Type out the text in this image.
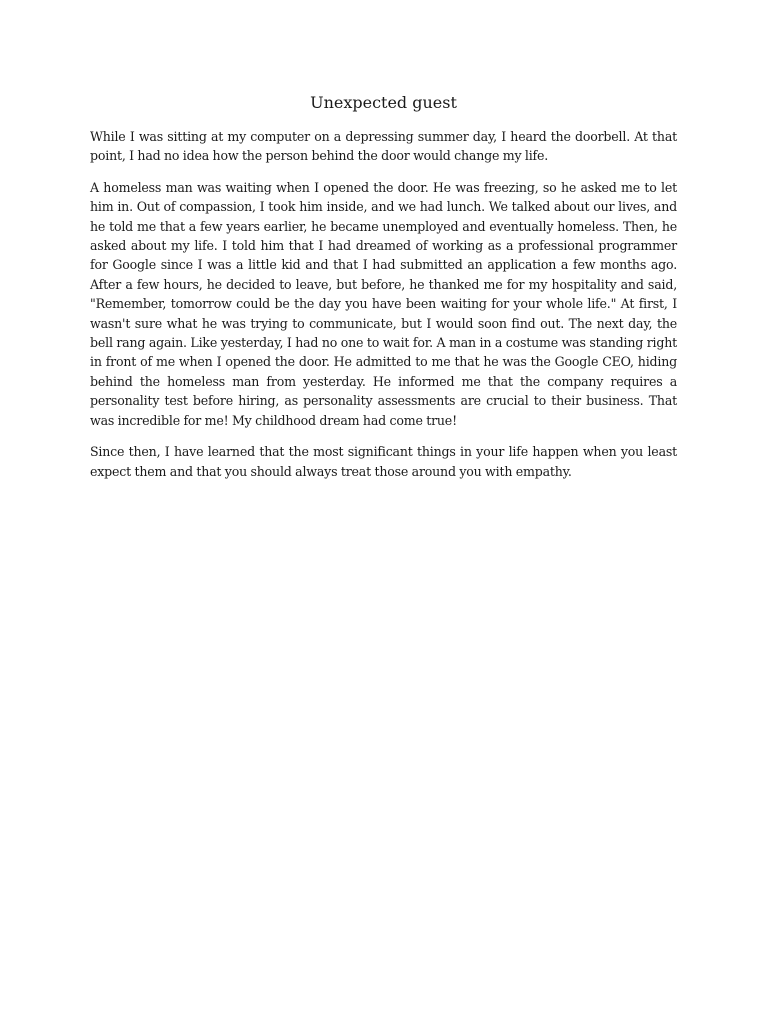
Unexpected guest

While I was sitting at my computer on a depressing summer day, I heard the doorbell. At that point, I had no idea how the person behind the door would change my life.

A homeless man was waiting when I opened the door. He was freezing, so he asked me to let him in. Out of compassion, I took him inside, and we had lunch. We talked about our lives, and he told me that a few years earlier, he became unemployed and eventually homeless. Then, he asked about my life. I told him that I had dreamed of working as a professional programmer for Google since I was a little kid and that I had submitted an application a few months ago. After a few hours, he decided to leave, but before, he thanked me for my hospitality and said, "Remember, tomorrow could be the day you have been waiting for your whole life." At first, I wasn't sure what he was trying to communicate, but I would soon find out. The next day, the bell rang again. Like yesterday, I had no one to wait for. A man in a costume was standing right in front of me when I opened the door. He admitted to me that he was the Google CEO, hiding behind the homeless man from yesterday. He informed me that the company requires a personality test before hiring, as personality assessments are crucial to their business. That was incredible for me! My childhood dream had come true!

Since then, I have learned that the most significant things in your life happen when you least expect them and that you should always treat those around you with empathy.
